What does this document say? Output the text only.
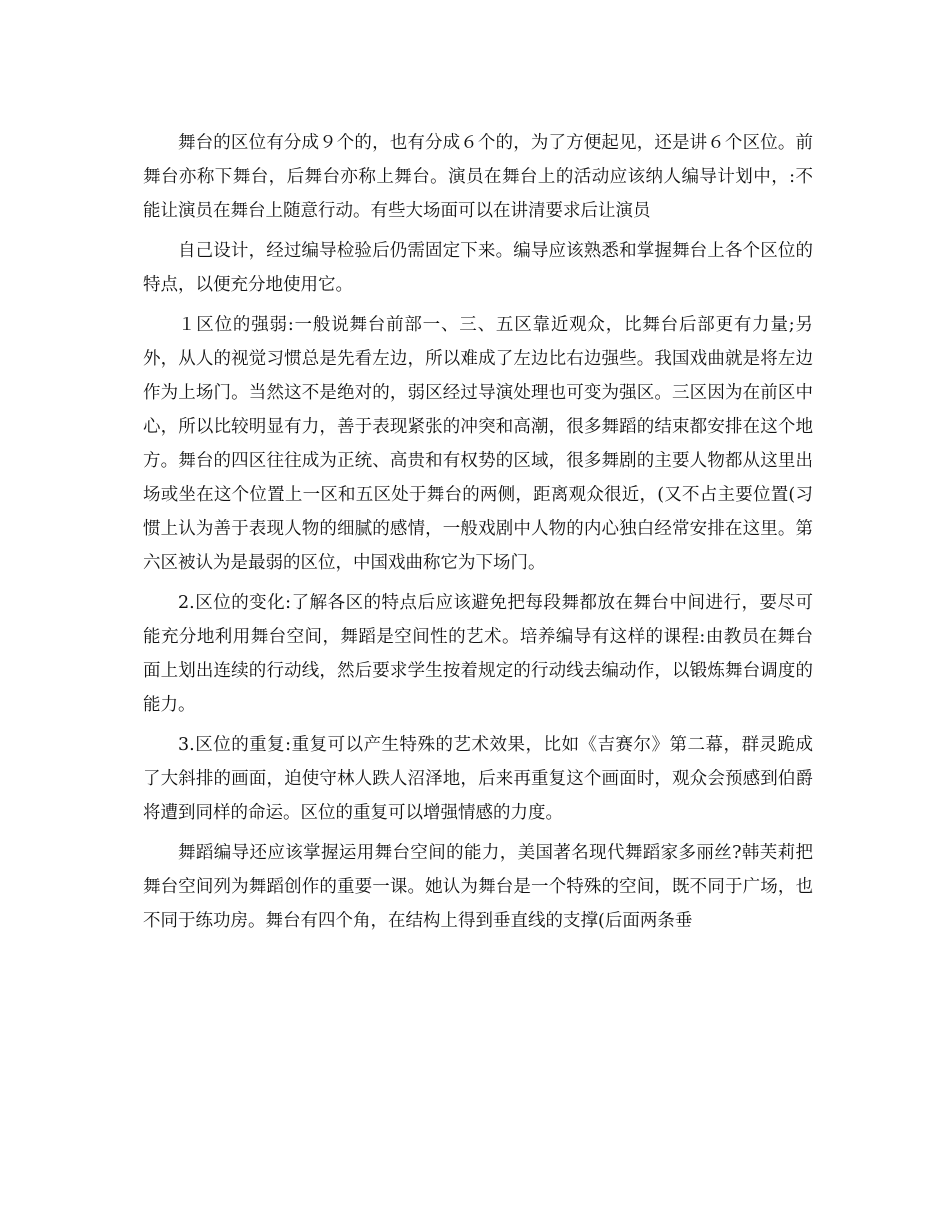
舞台的区位有分成９个的，也有分成６个的，为了方便起见，还是讲６个区位。前舞台亦称下舞台，后舞台亦称上舞台。演员在舞台上的活动应该纳人编导计划中，:不能让演员在舞台上随意行动。有些大场面可以在讲清要求后让演员

自己设计，经过编导检验后仍需固定下来。编导应该熟悉和掌握舞台上各个区位的特点，以便充分地使用它。

１区位的强弱:一般说舞台前部一、三、五区靠近观众，比舞台后部更有力量;另外，从人的视觉习惯总是先看左边，所以难成了左边比右边强些。我国戏曲就是将左边作为上场门。当然这不是绝对的，弱区经过导演处理也可变为强区。三区因为在前区中心，所以比较明显有力，善于表现紧张的冲突和高潮，很多舞蹈的结束都安排在这个地方。舞台的四区往往成为正统、高贵和有权势的区域，很多舞剧的主要人物都从这里出场或坐在这个位置上一区和五区处于舞台的两侧，距离观众很近，(又不占主要位置(习惯上认为善于表现人物的细腻的感情，一般戏剧中人物的内心独白经常安排在这里。第六区被认为是最弱的区位，中国戏曲称它为下场门。

2.区位的变化:了解各区的特点后应该避免把每段舞都放在舞台中间进行，要尽可能充分地利用舞台空间，舞蹈是空间性的艺术。培养编导有这样的课程:由教员在舞台面上划出连续的行动线，然后要求学生按着规定的行动线去编动作，以锻炼舞台调度的能力。

3.区位的重复:重复可以产生特殊的艺术效果，比如《吉赛尔》第二幕，群灵跪成了大斜排的画面，迫使守林人跌人沼泽地，后来再重复这个画面时，观众会预感到伯爵将遭到同样的命运。区位的重复可以增强情感的力度。

舞蹈编导还应该掌握运用舞台空间的能力，美国著名现代舞蹈家多丽丝?韩芙莉把舞台空间列为舞蹈创作的重要一课。她认为舞台是一个特殊的空间，既不同于广场，也不同于练功房。舞台有四个角，在结构上得到垂直线的支撑(后面两条垂
